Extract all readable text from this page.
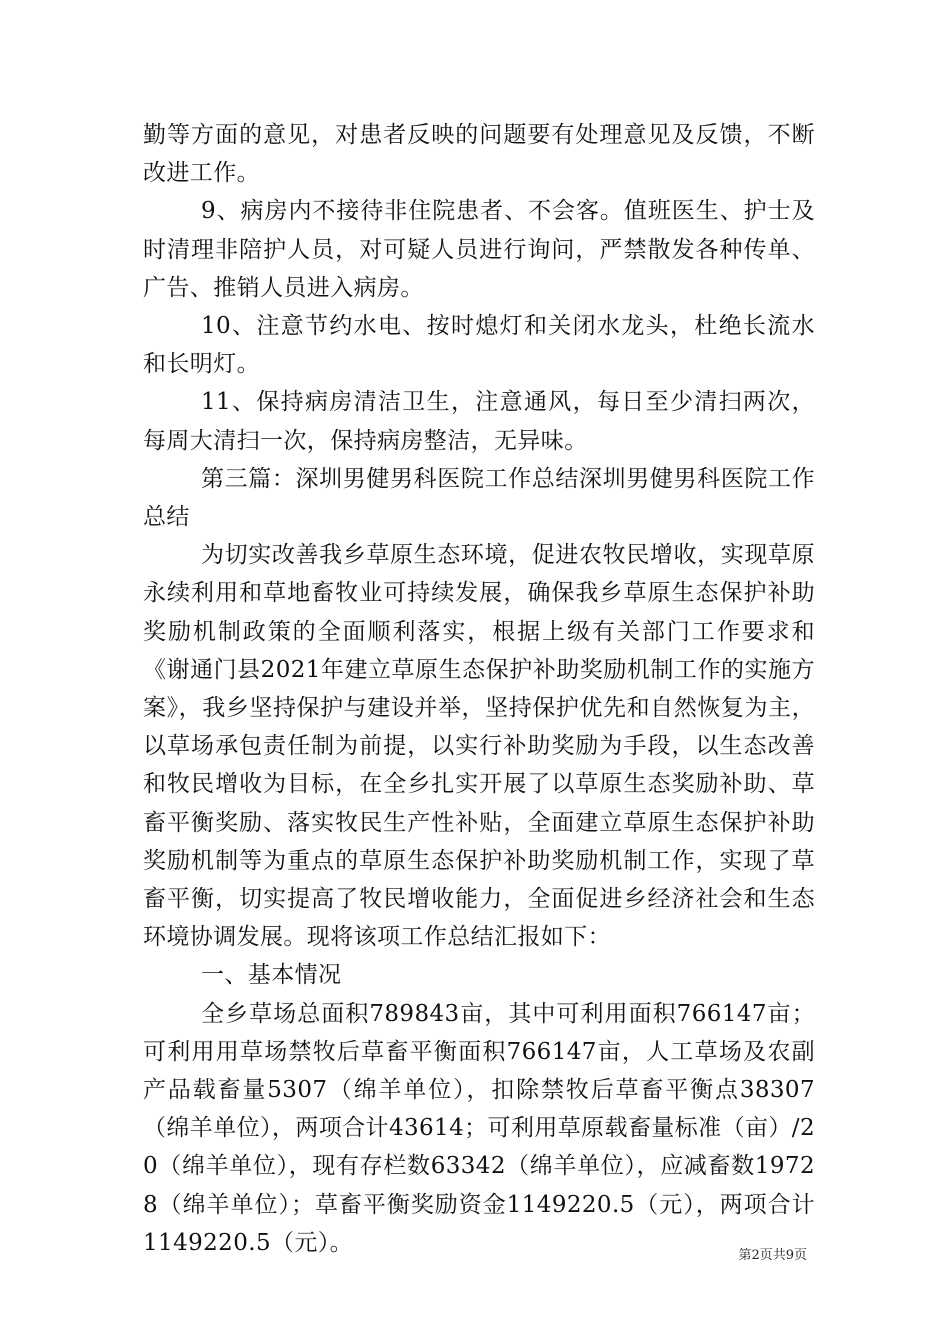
勤等方面的意见，对患者反映的问题要有处理意见及反馈，不断改进工作。

9、病房内不接待非住院患者、不会客。值班医生、护士及时清理非陪护人员，对可疑人员进行询问，严禁散发各种传单、广告、推销人员进入病房。

10、注意节约水电、按时熄灯和关闭水龙头，杜绝长流水和长明灯。

11、保持病房清洁卫生，注意通风，每日至少清扫两次，每周大清扫一次，保持病房整洁，无异味。

第三篇：深圳男健男科医院工作总结深圳男健男科医院工作总结

为切实改善我乡草原生态环境，促进农牧民增收，实现草原永续利用和草地畜牧业可持续发展，确保我乡草原生态保护补助奖励机制政策的全面顺利落实，根据上级有关部门工作要求和《谢通门县2021年建立草原生态保护补助奖励机制工作的实施方案》，我乡坚持保护与建设并举，坚持保护优先和自然恢复为主，以草场承包责任制为前提，以实行补助奖励为手段，以生态改善和牧民增收为目标，在全乡扎实开展了以草原生态奖励补助、草畜平衡奖励、落实牧民生产性补贴，全面建立草原生态保护补助奖励机制等为重点的草原生态保护补助奖励机制工作，实现了草畜平衡，切实提高了牧民增收能力，全面促进乡经济社会和生态环境协调发展。现将该项工作总结汇报如下：

一、基本情况

全乡草场总面积789843亩，其中可利用面积766147亩；可利用用草场禁牧后草畜平衡面积766147亩，人工草场及农副产品载畜量5307（绵羊单位），扣除禁牧后草畜平衡点38307（绵羊单位），两项合计43614；可利用草原载畜量标准（亩）/20（绵羊单位），现有存栏数63342（绵羊单位），应减畜数19728（绵羊单位）；草畜平衡奖励资金1149220.5（元），两项合计1149220.5（元）。	第2页共9页
